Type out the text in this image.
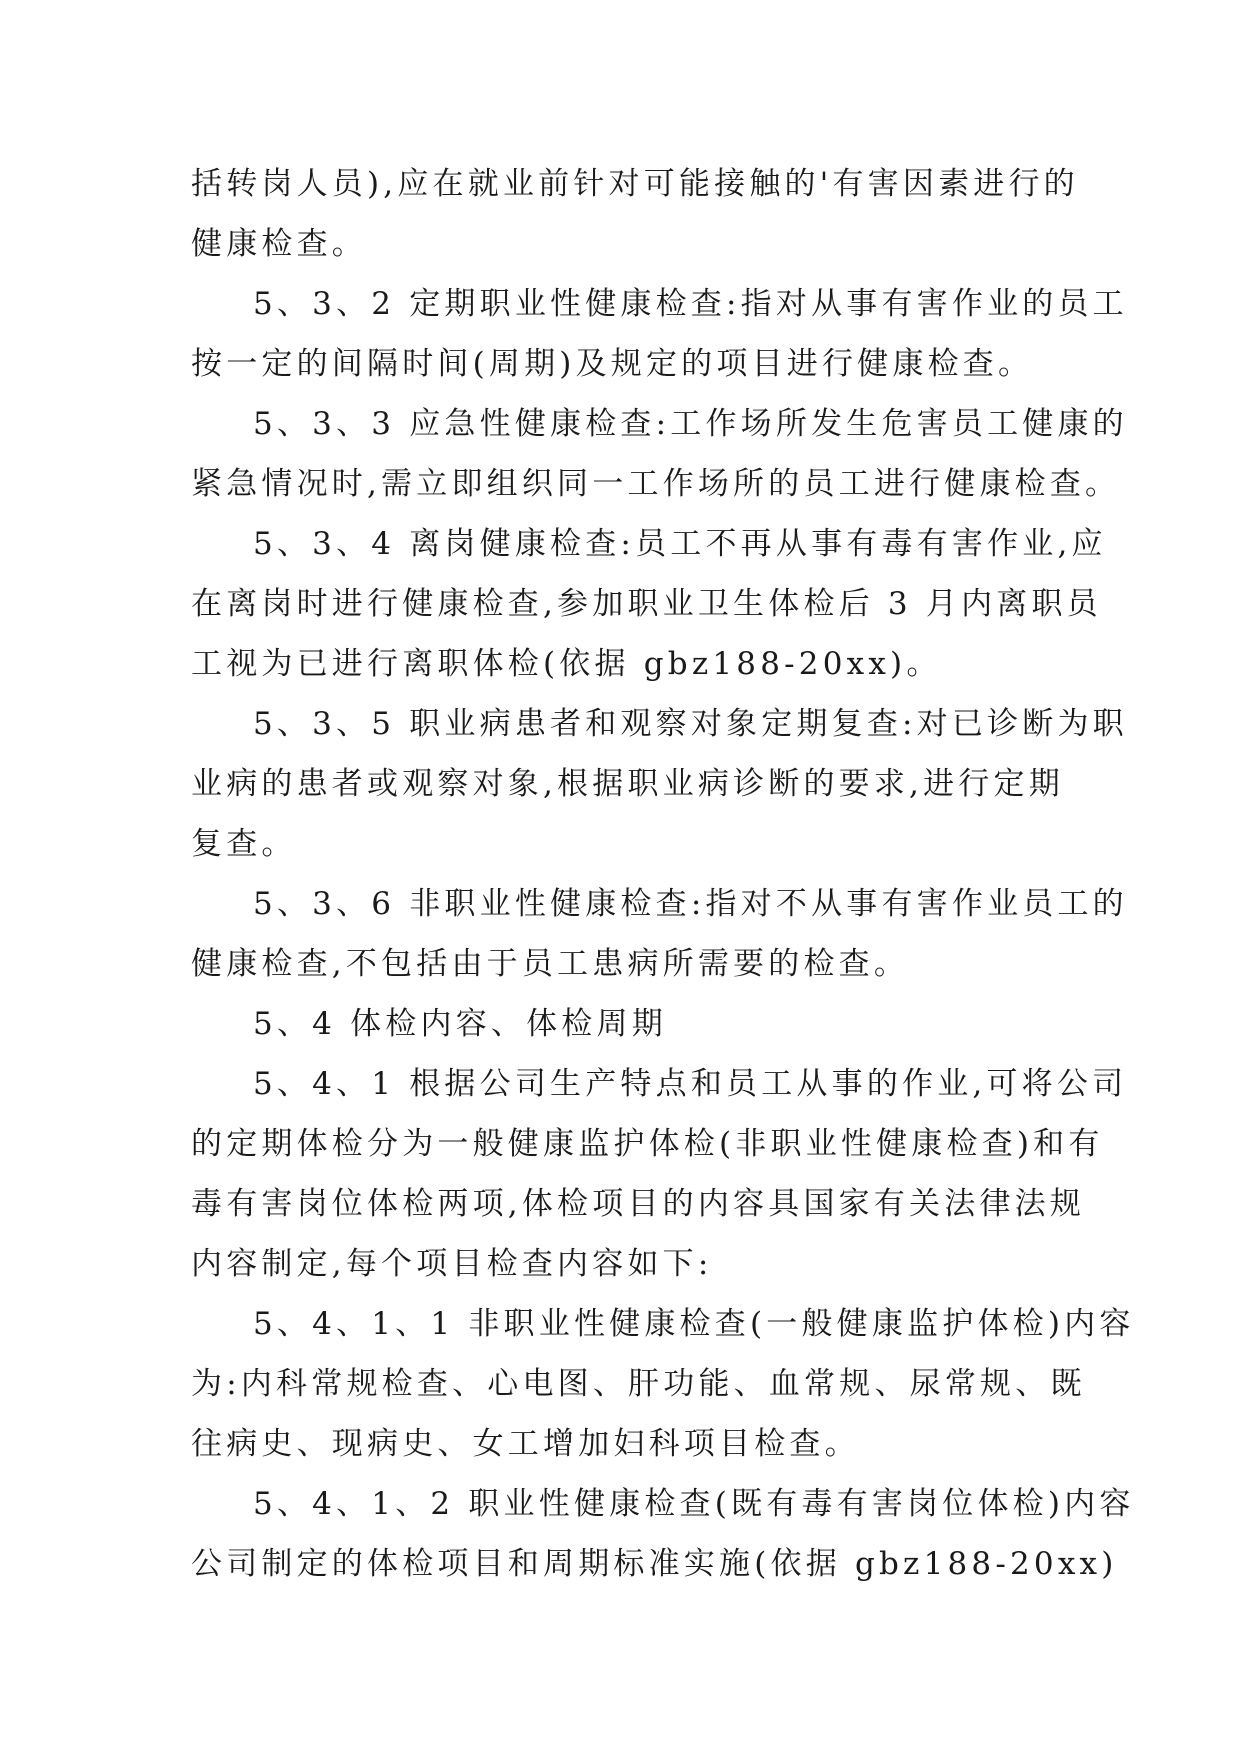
括转岗人员),应在就业前针对可能接触的'有害因素进行的
健康检查。
5、3、2 定期职业性健康检查:指对从事有害作业的员工
按一定的间隔时间(周期)及规定的项目进行健康检查。
5、3、3 应急性健康检查:工作场所发生危害员工健康的
紧急情况时,需立即组织同一工作场所的员工进行健康检查。
5、3、4 离岗健康检查:员工不再从事有毒有害作业,应
在离岗时进行健康检查,参加职业卫生体检后 3 月内离职员
工视为已进行离职体检(依据 gbz188-20xx)。
5、3、5 职业病患者和观察对象定期复查:对已诊断为职
业病的患者或观察对象,根据职业病诊断的要求,进行定期
复查。
5、3、6 非职业性健康检查:指对不从事有害作业员工的
健康检查,不包括由于员工患病所需要的检查。
5、4 体检内容、体检周期
5、4、1 根据公司生产特点和员工从事的作业,可将公司
的定期体检分为一般健康监护体检(非职业性健康检查)和有
毒有害岗位体检两项,体检项目的内容具国家有关法律法规
内容制定,每个项目检查内容如下:
5、4、1、1 非职业性健康检查(一般健康监护体检)内容
为:内科常规检查、心电图、肝功能、血常规、尿常规、既
往病史、现病史、女工增加妇科项目检查。
5、4、1、2 职业性健康检查(既有毒有害岗位体检)内容
公司制定的体检项目和周期标准实施(依据 gbz188-20xx)
